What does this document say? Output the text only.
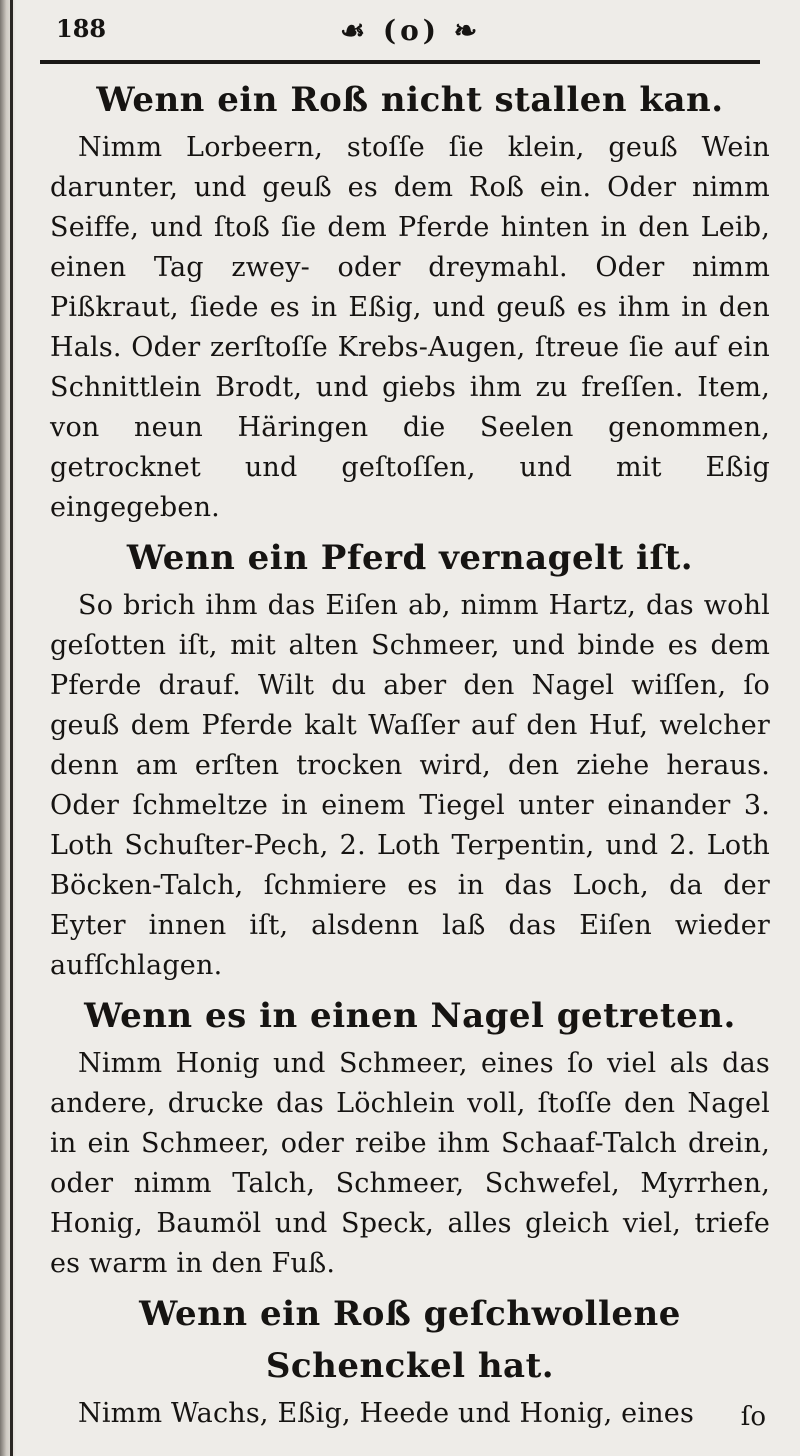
188	☙ (o) ❧
Wenn ein Roß nicht stallen kan.

Nimm Lorbeern, stoſſe ſie klein, geuß Wein darunter, und geuß es dem Roß ein. Oder nimm Seiffe, und ſtoß ſie dem Pferde hinten in den Leib, einen Tag zwey- oder dreymahl. Oder nimm Pißkraut, ſiede es in Eßig, und geuß es ihm in den Hals. Oder zerſtoſſe Krebs-Augen, ſtreue ſie auf ein Schnittlein Brodt, und giebs ihm zu freſſen. Item, von neun Häringen die Seelen genommen, getrocknet und geſtoſſen, und mit Eßig eingegeben.

Wenn ein Pferd vernagelt iſt.

So brich ihm das Eiſen ab, nimm Hartz, das wohl geſotten iſt, mit alten Schmeer, und binde es dem Pferde drauf. Wilt du aber den Nagel wiſſen, ſo geuß dem Pferde kalt Waſſer auf den Huf, welcher denn am erſten trocken wird, den ziehe heraus. Oder ſchmeltze in einem Tiegel unter einander 3. Loth Schuſter-Pech, 2. Loth Terpentin, und 2. Loth Böcken-Talch, ſchmiere es in das Loch, da der Eyter innen iſt, alsdenn laß das Eiſen wieder aufſchlagen.

Wenn es in einen Nagel getreten.

Nimm Honig und Schmeer, eines ſo viel als das andere, drucke das Löchlein voll, ſtoſſe den Nagel in ein Schmeer, oder reibe ihm Schaaf-Talch drein, oder nimm Talch, Schmeer, Schwefel, Myrrhen, Honig, Baumöl und Speck, alles gleich viel, triefe es warm in den Fuß.

Wenn ein Roß geſchwollene Schenckel hat.

Nimm Wachs, Eßig, Heede und Honig, eines	ſo
